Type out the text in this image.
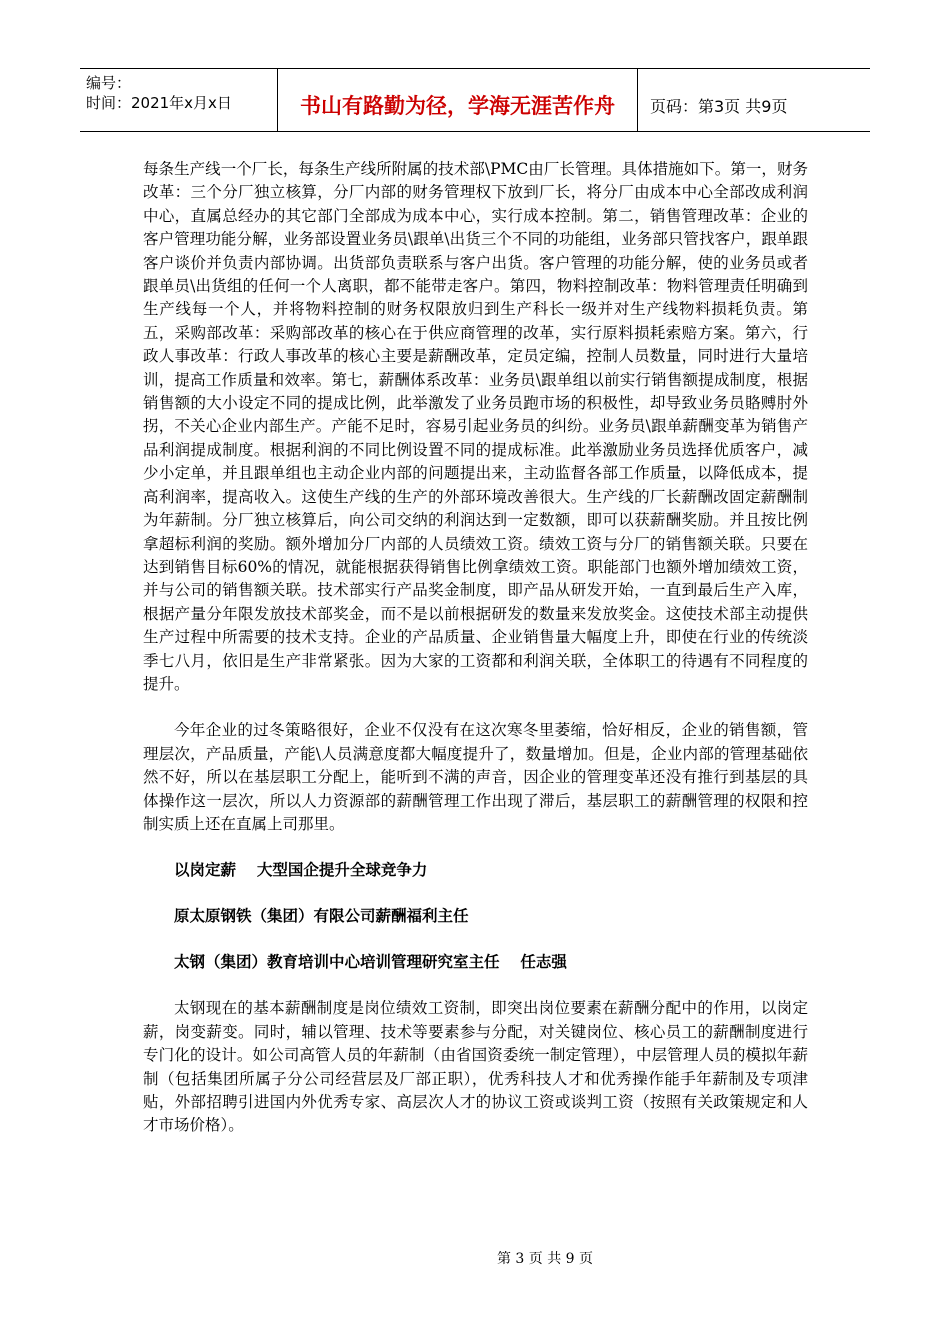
编号：
时间：2021年x月x日	书山有路勤为径，学海无涯苦作舟	页码：第3页 共9页

每条生产线一个厂长，每条生产线所附属的技术部\PMC由厂长管理。具体措施如下。第一，财务改革：三个分厂独立核算，分厂内部的财务管理权下放到厂长，将分厂由成本中心全部改成利润中心，直属总经办的其它部门全部成为成本中心，实行成本控制。第二，销售管理改革：企业的客户管理功能分解，业务部设置业务员\跟单\出货三个不同的功能组，业务部只管找客户，跟单跟客户谈价并负责内部协调。出货部负责联系与客户出货。客户管理的功能分解，使的业务员或者跟单员\出货组的任何一个人离职，都不能带走客户。第四，物料控制改革：物料管理责任明确到生产线每一个人，并将物料控制的财务权限放归到生产科长一级并对生产线物料损耗负责。第五，采购部改革：采购部改革的核心在于供应商管理的改革，实行原料损耗索赔方案。第六，行政人事改革：行政人事改革的核心主要是薪酬改革，定员定编，控制人员数量，同时进行大量培训，提高工作质量和效率。第七，薪酬体系改革：业务员\跟单组以前实行销售额提成制度，根据销售额的大小设定不同的提成比例，此举激发了业务员跑市场的积极性，却导致业务员賂赙肘外拐，不关心企业内部生产。产能不足时，容易引起业务员的纠纷。业务员\跟单薪酬变革为销售产品利润提成制度。根据利润的不同比例设置不同的提成标准。此举激励业务员选择优质客户，减少小定单，并且跟单组也主动企业内部的问题提出来，主动监督各部工作质量，以降低成本，提高利润率，提高收入。这使生产线的生产的外部环境改善很大。生产线的厂长薪酬改固定薪酬制为年薪制。分厂独立核算后，向公司交纳的利润达到一定数额，即可以获薪酬奖励。并且按比例拿超标利润的奖励。额外增加分厂内部的人员绩效工资。绩效工资与分厂的销售额关联。只要在达到销售目标60%的情况，就能根据获得销售比例拿绩效工资。职能部门也额外增加绩效工资，并与公司的销售额关联。技术部实行产品奖金制度，即产品从研发开始，一直到最后生产入库，根据产量分年限发放技术部奖金，而不是以前根据研发的数量来发放奖金。这使技术部主动提供生产过程中所需要的技术支持。企业的产品质量、企业销售量大幅度上升，即使在行业的传统淡季七八月，依旧是生产非常紧张。因为大家的工资都和利润关联，全体职工的待遇有不同程度的提升。

今年企业的过冬策略很好，企业不仅没有在这次寒冬里萎缩，恰好相反，企业的销售额，管理层次，产品质量，产能\人员满意度都大幅度提升了，数量增加。但是，企业内部的管理基础依然不好，所以在基层职工分配上，能听到不满的声音，因企业的管理变革还没有推行到基层的具体操作这一层次，所以人力资源部的薪酬管理工作出现了滞后，基层职工的薪酬管理的权限和控制实质上还在直属上司那里。

以岗定薪　 大型国企提升全球竞争力

原太原钢铁（集团）有限公司薪酬福利主任

太钢（集团）教育培训中心培训管理研究室主任　 任志强

太钢现在的基本薪酬制度是岗位绩效工资制，即突出岗位要素在薪酬分配中的作用，以岗定薪，岗变薪变。同时，辅以管理、技术等要素参与分配，对关键岗位、核心员工的薪酬制度进行专门化的设计。如公司高管人员的年薪制（由省国资委统一制定管理），中层管理人员的模拟年薪制（包括集团所属子分公司经营层及厂部正职），优秀科技人才和优秀操作能手年薪制及专项津贴，外部招聘引进国内外优秀专家、高层次人才的协议工资或谈判工资（按照有关政策规定和人才市场价格）。

第 3 页 共 9 页
